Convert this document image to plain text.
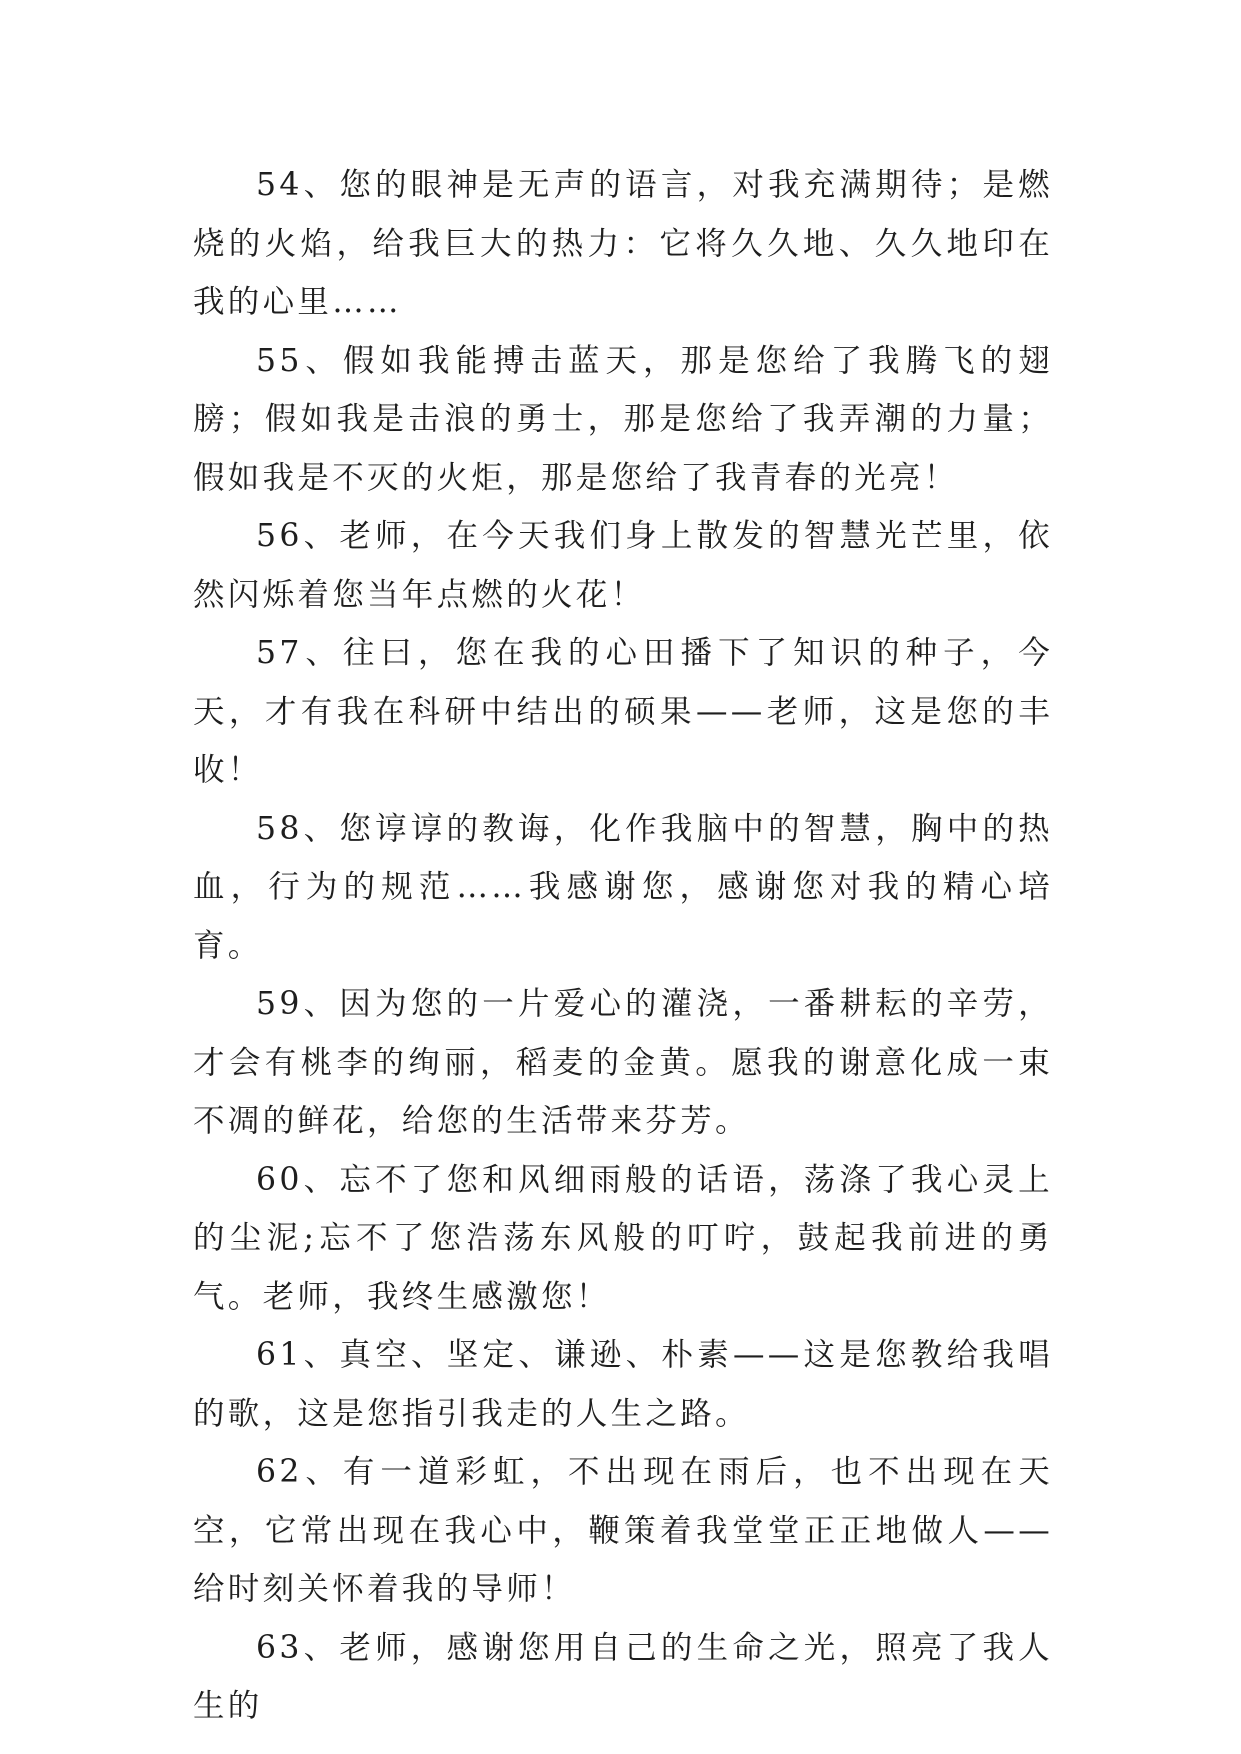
54、您的眼神是无声的语言，对我充满期待；是燃烧的火焰，给我巨大的热力：它将久久地、久久地印在我的心里……

55、假如我能搏击蓝天，那是您给了我腾飞的翅膀；假如我是击浪的勇士，那是您给了我弄潮的力量；假如我是不灭的火炬，那是您给了我青春的光亮！

56、老师，在今天我们身上散发的智慧光芒里，依然闪烁着您当年点燃的火花！

57、往曰，您在我的心田播下了知识的种子，今天，才有我在科研中结出的硕果——老师，这是您的丰收！

58、您谆谆的教诲，化作我脑中的智慧，胸中的热血，行为的规范……我感谢您，感谢您对我的精心培育。

59、因为您的一片爱心的灌浇，一番耕耘的辛劳，才会有桃李的绚丽，稻麦的金黄。愿我的谢意化成一束不凋的鲜花，给您的生活带来芬芳。

60、忘不了您和风细雨般的话语，荡涤了我心灵上的尘泥;忘不了您浩荡东风般的叮咛，鼓起我前进的勇气。老师，我终生感激您！

61、真空、坚定、谦逊、朴素——这是您教给我唱的歌，这是您指引我走的人生之路。

62、有一道彩虹，不出现在雨后，也不出现在天空，它常出现在我心中，鞭策着我堂堂正正地做人——给时刻关怀着我的导师！

63、老师，感谢您用自己的生命之光，照亮了我人生的
